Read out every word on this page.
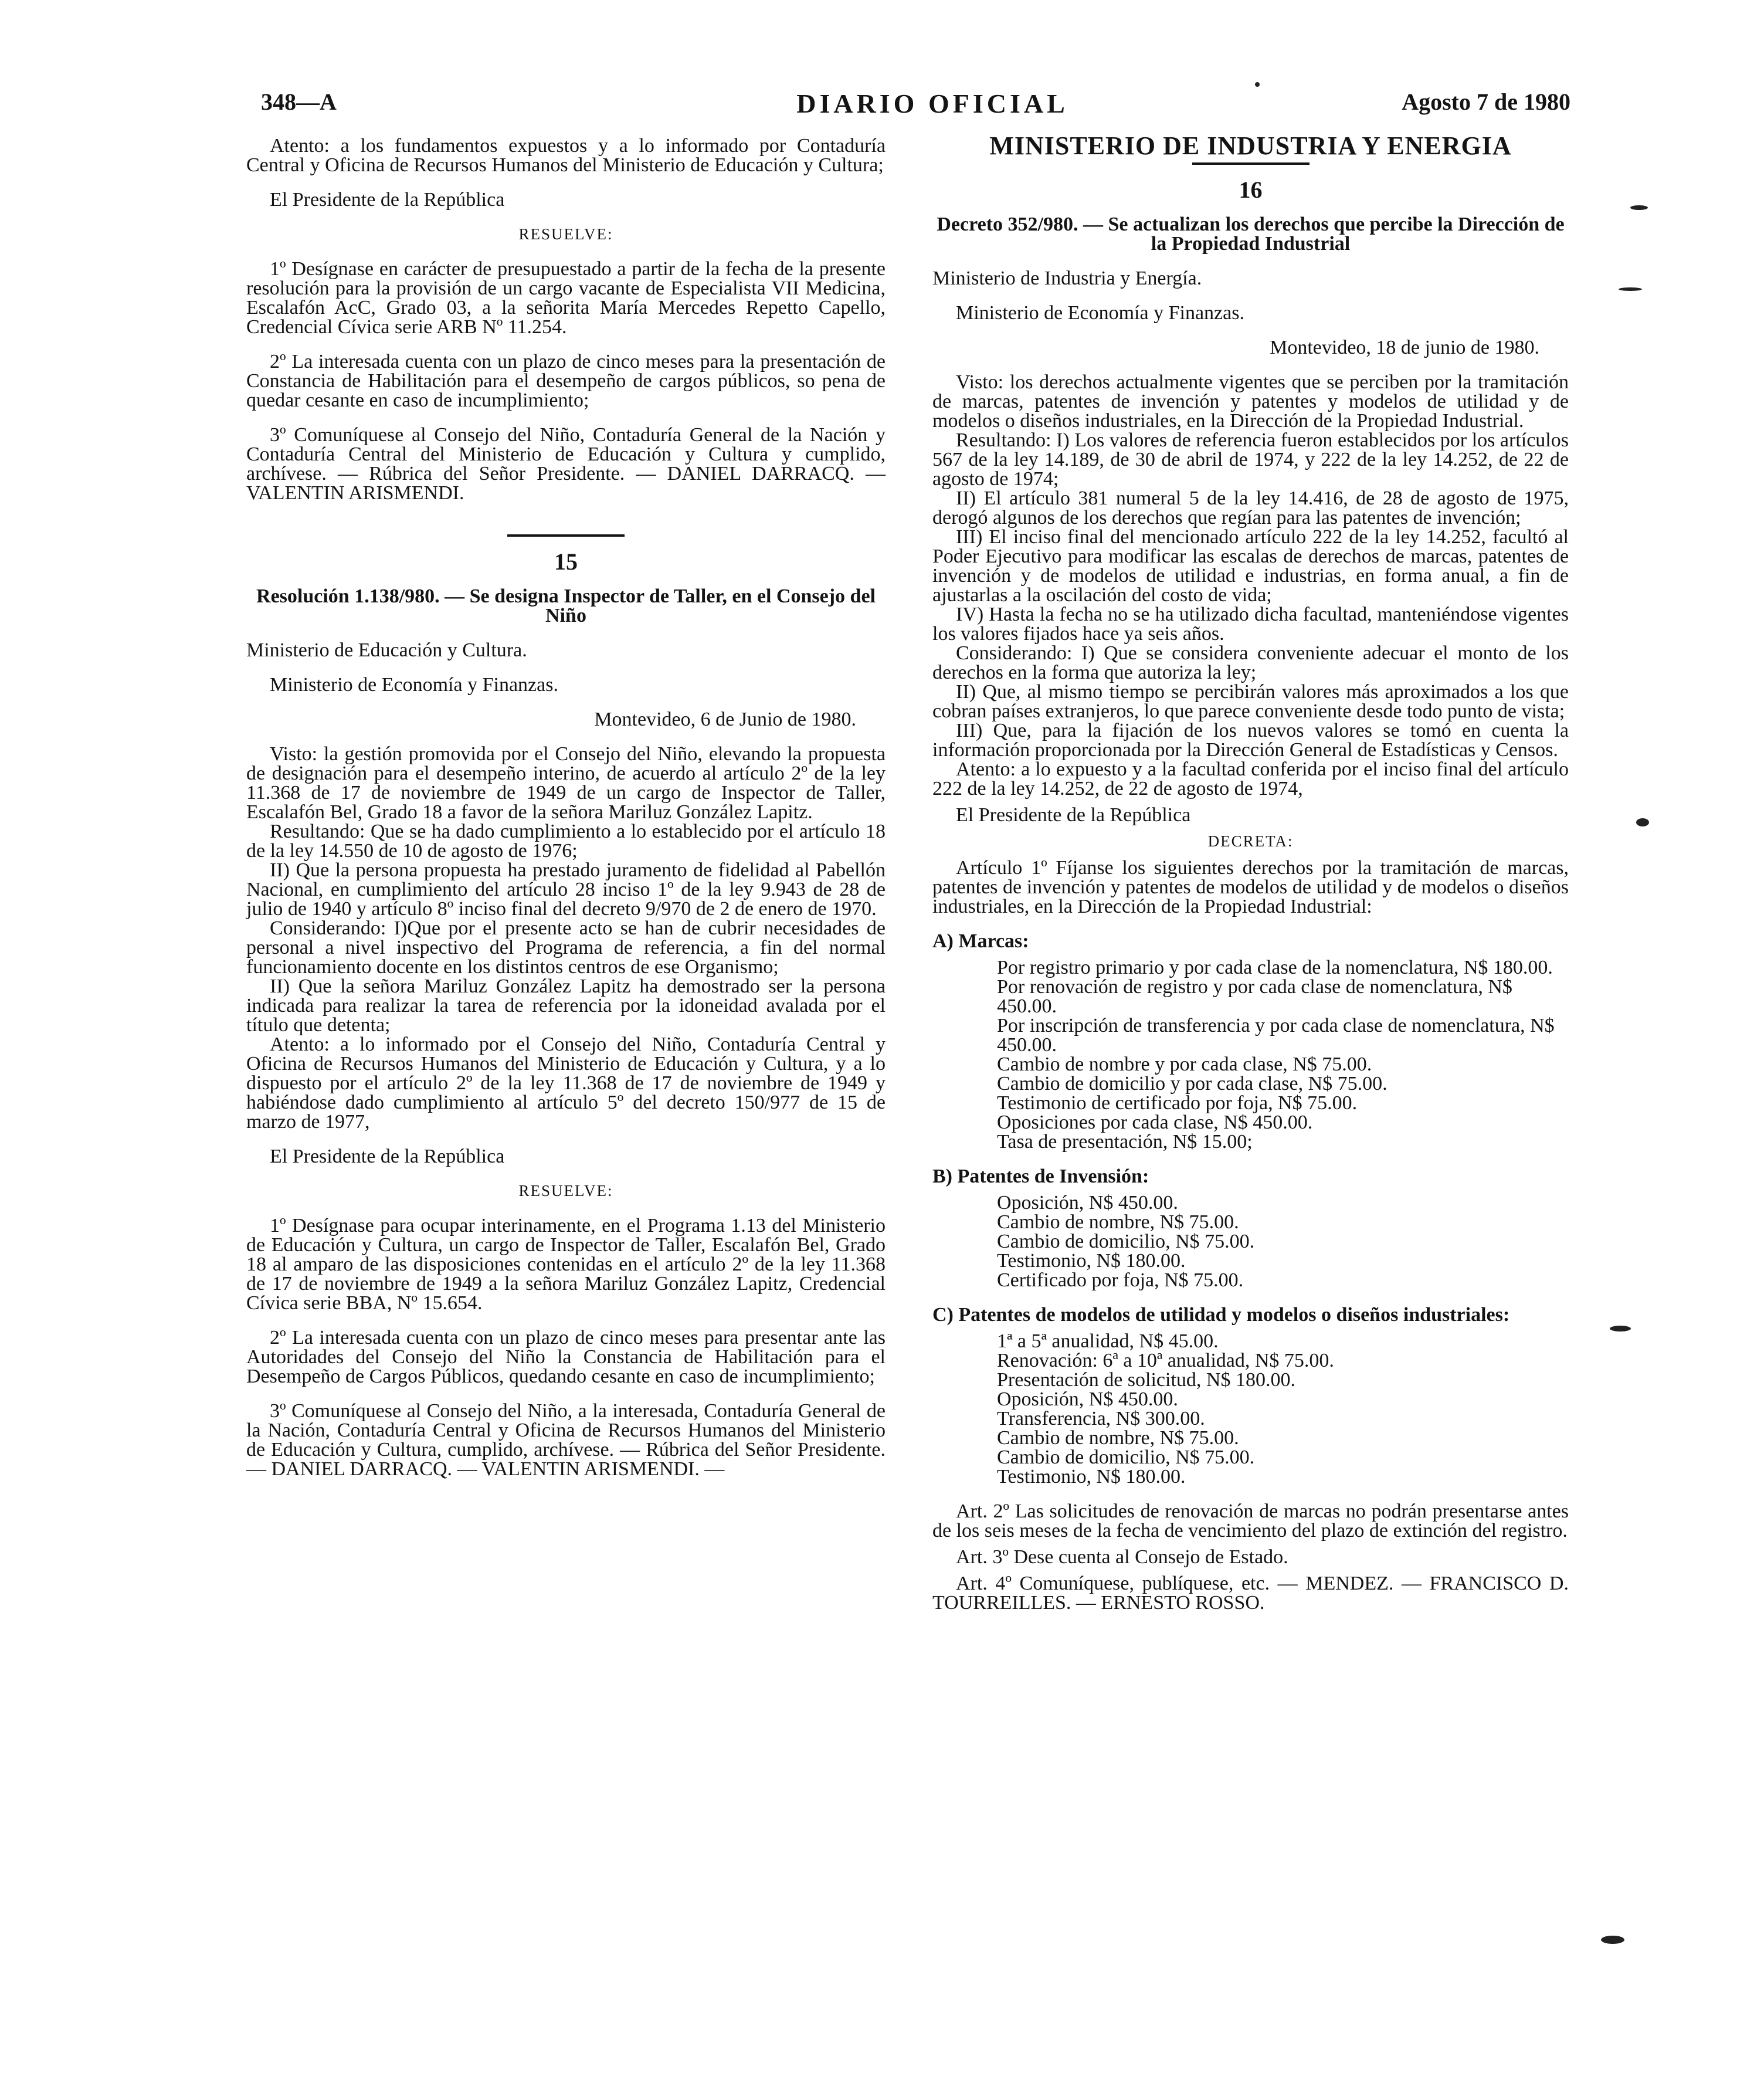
348—A	DIARIO OFICIAL	Agosto 7 de 1980

Atento: a los fundamentos expuestos y a lo informado por Contaduría Central y Oficina de Recursos Humanos del Ministerio de Educación y Cultura;

El Presidente de la República

RESUELVE:

1º Desígnase en carácter de presupuestado a partir de la fecha de la presente resolución para la provisión de un cargo vacante de Especialista VII Medicina, Escalafón AcC, Grado 03, a la señorita María Mercedes Repetto Capello, Credencial Cívica serie ARB Nº 11.254.

2º La interesada cuenta con un plazo de cinco meses para la presentación de Constancia de Habilitación para el desempeño de cargos públicos, so pena de quedar cesante en caso de incumplimiento;

3º Comuníquese al Consejo del Niño, Contaduría General de la Nación y Contaduría Central del Ministerio de Educación y Cultura y cumplido, archívese. — Rúbrica del Señor Presidente. — DANIEL DARRACQ. — VALENTIN ARISMENDI.

15

Resolución 1.138/980. — Se designa Inspector de Taller, en el Consejo del Niño

Ministerio de Educación y Cultura.

Ministerio de Economía y Finanzas.

Montevideo, 6 de Junio de 1980.

Visto: la gestión promovida por el Consejo del Niño, elevando la propuesta de designación para el desempeño interino, de acuerdo al artículo 2º de la ley 11.368 de 17 de noviembre de 1949 de un cargo de Inspector de Taller, Escalafón Bel, Grado 18 a favor de la señora Mariluz González Lapitz.

Resultando: Que se ha dado cumplimiento a lo establecido por el artículo 18 de la ley 14.550 de 10 de agosto de 1976;

II) Que la persona propuesta ha prestado juramento de fidelidad al Pabellón Nacional, en cumplimiento del artículo 28 inciso 1º de la ley 9.943 de 28 de julio de 1940 y artículo 8º inciso final del decreto 9/970 de 2 de enero de 1970.

Considerando: I)Que por el presente acto se han de cubrir necesidades de personal a nivel inspectivo del Programa de referencia, a fin del normal funcionamiento docente en los distintos centros de ese Organismo;

II) Que la señora Mariluz González Lapitz ha demostrado ser la persona indicada para realizar la tarea de referencia por la idoneidad avalada por el título que detenta;

Atento: a lo informado por el Consejo del Niño, Contaduría Central y Oficina de Recursos Humanos del Ministerio de Educación y Cultura, y a lo dispuesto por el artículo 2º de la ley 11.368 de 17 de noviembre de 1949 y habiéndose dado cumplimiento al artículo 5º del decreto 150/977 de 15 de marzo de 1977,

El Presidente de la República

RESUELVE:

1º Desígnase para ocupar interinamente, en el Programa 1.13 del Ministerio de Educación y Cultura, un cargo de Inspector de Taller, Escalafón Bel, Grado 18 al amparo de las disposiciones contenidas en el artículo 2º de la ley 11.368 de 17 de noviembre de 1949 a la señora Mariluz González Lapitz, Credencial Cívica serie BBA, Nº 15.654.

2º La interesada cuenta con un plazo de cinco meses para presentar ante las Autoridades del Consejo del Niño la Constancia de Habilitación para el Desempeño de Cargos Públicos, quedando cesante en caso de incumplimiento;

3º Comuníquese al Consejo del Niño, a la interesada, Contaduría General de la Nación, Contaduría Central y Oficina de Recursos Humanos del Ministerio de Educación y Cultura, cumplido, archívese. — Rúbrica del Señor Presidente. — DANIEL DARRACQ. — VALENTIN ARISMENDI. —

MINISTERIO DE INDUSTRIA Y ENERGIA
16

Decreto 352/980. — Se actualizan los derechos que percibe la Dirección de la Propiedad Industrial

Ministerio de Industria y Energía.

Ministerio de Economía y Finanzas.

Montevideo, 18 de junio de 1980.

Visto: los derechos actualmente vigentes que se perciben por la tramitación de marcas, patentes de invención y patentes y modelos de utilidad y de modelos o diseños industriales, en la Dirección de la Propiedad Industrial.

Resultando: I) Los valores de referencia fueron establecidos por los artículos 567 de la ley 14.189, de 30 de abril de 1974, y 222 de la ley 14.252, de 22 de agosto de 1974;

II) El artículo 381 numeral 5 de la ley 14.416, de 28 de agosto de 1975, derogó algunos de los derechos que regían para las patentes de invención;

III) El inciso final del mencionado artículo 222 de la ley 14.252, facultó al Poder Ejecutivo para modificar las escalas de derechos de marcas, patentes de invención y de modelos de utilidad e industrias, en forma anual, a fin de ajustarlas a la oscilación del costo de vida;

IV) Hasta la fecha no se ha utilizado dicha facultad, manteniéndose vigentes los valores fijados hace ya seis años.

Considerando: I) Que se considera conveniente adecuar el monto de los derechos en la forma que autoriza la ley;

II) Que, al mismo tiempo se percibirán valores más aproximados a los que cobran países extranjeros, lo que parece conveniente desde todo punto de vista;

III) Que, para la fijación de los nuevos valores se tomó en cuenta la información proporcionada por la Dirección General de Estadísticas y Censos.

Atento: a lo expuesto y a la facultad conferida por el inciso final del artículo 222 de la ley 14.252, de 22 de agosto de 1974,

El Presidente de la República

DECRETA:

Artículo 1º Fíjanse los siguientes derechos por la tramitación de marcas, patentes de invención y patentes de modelos de utilidad y de modelos o diseños industriales, en la Dirección de la Propiedad Industrial:

A) Marcas:

Por registro primario y por cada clase de la nomenclatura, N$ 180.00.

Por renovación de registro y por cada clase de nomenclatura, N$ 450.00.

Por inscripción de transferencia y por cada clase de nomenclatura, N$ 450.00.

Cambio de nombre y por cada clase, N$ 75.00.

Cambio de domicilio y por cada clase, N$ 75.00.

Testimonio de certificado por foja, N$ 75.00.

Oposiciones por cada clase, N$ 450.00.

Tasa de presentación, N$ 15.00;

B) Patentes de Invensión:

Oposición, N$ 450.00.

Cambio de nombre, N$ 75.00.

Cambio de domicilio, N$ 75.00.

Testimonio, N$ 180.00.

Certificado por foja, N$ 75.00.

C) Patentes de modelos de utilidad y modelos o diseños industriales:

1ª a 5ª anualidad, N$ 45.00.

Renovación: 6ª a 10ª anualidad, N$ 75.00.

Presentación de solicitud, N$ 180.00.

Oposición, N$ 450.00.

Transferencia, N$ 300.00.

Cambio de nombre, N$ 75.00.

Cambio de domicilio, N$ 75.00.

Testimonio, N$ 180.00.

Art. 2º Las solicitudes de renovación de marcas no podrán presentarse antes de los seis meses de la fecha de vencimiento del plazo de extinción del registro.

Art. 3º Dese cuenta al Consejo de Estado.

Art. 4º Comuníquese, publíquese, etc. — MENDEZ. — FRANCISCO D. TOURREILLES. — ERNESTO ROSSO.
